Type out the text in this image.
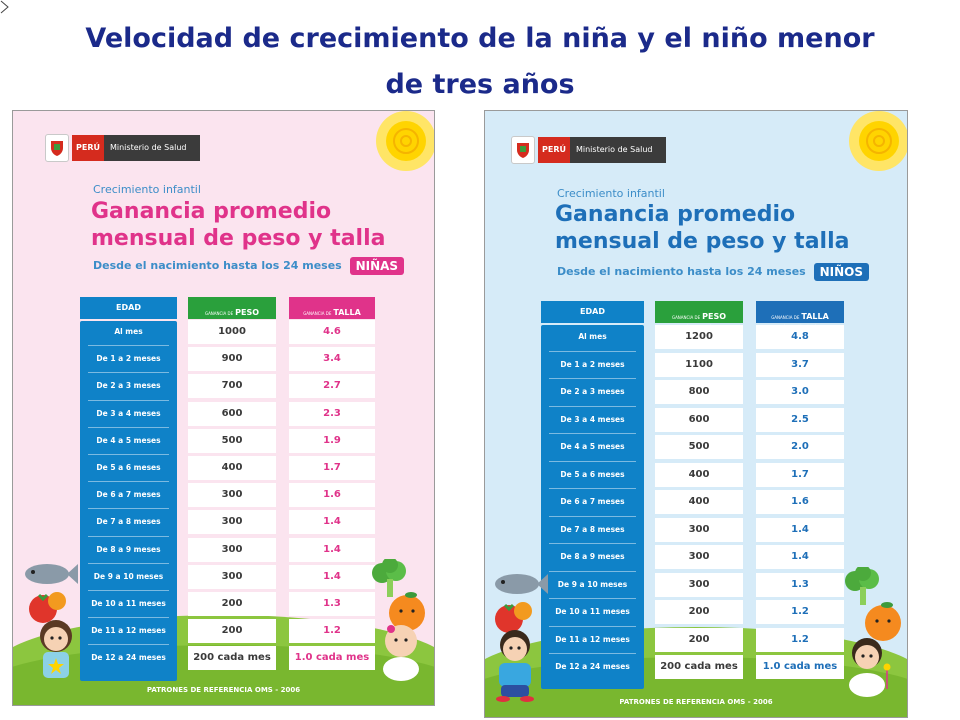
Velocidad de crecimiento de la niña y el niño menor
de tres años
PERÚ	Ministerio de Salud
Crecimiento infantil
Ganancia promedio
mensual de peso y talla
Desde el nacimiento hasta los 24 meses NIÑAS
EDAD
GANANCIA DE PESO	GANANCIA DE TALLA
Al mes	1000	4.6
De 1 a 2 meses	900	3.4
De 2 a 3 meses	700	2.7
De 3 a 4 meses	600	2.3
De 4 a 5 meses	500	1.9
De 5 a 6 meses	400	1.7
De 6 a 7 meses	300	1.6
De 7 a 8 meses	300	1.4
De 8 a 9 meses	300	1.4
De 9 a 10 meses	300	1.4
De 10 a 11 meses	200	1.3
De 11 a 12 meses	200	1.2
De 12 a 24 meses	200 cada mes	1.0 cada mes
PATRONES DE REFERENCIA OMS - 2006
PERÚ	Ministerio de Salud
Crecimiento infantil
Ganancia promedio
mensual de peso y talla
Desde el nacimiento hasta los 24 meses NIÑOS
EDAD
GANANCIA DE PESO	GANANCIA DE TALLA
Al mes	1200	4.8
De 1 a 2 meses	1100	3.7
De 2 a 3 meses	800	3.0
De 3 a 4 meses	600	2.5
De 4 a 5 meses	500	2.0
De 5 a 6 meses	400	1.7
De 6 a 7 meses	400	1.6
De 7 a 8 meses	300	1.4
De 8 a 9 meses	300	1.4
De 9 a 10 meses	300	1.3
De 10 a 11 meses	200	1.2
De 11 a 12 meses	200	1.2
De 12 a 24 meses	200 cada mes	1.0 cada mes
PATRONES DE REFERENCIA OMS - 2006
